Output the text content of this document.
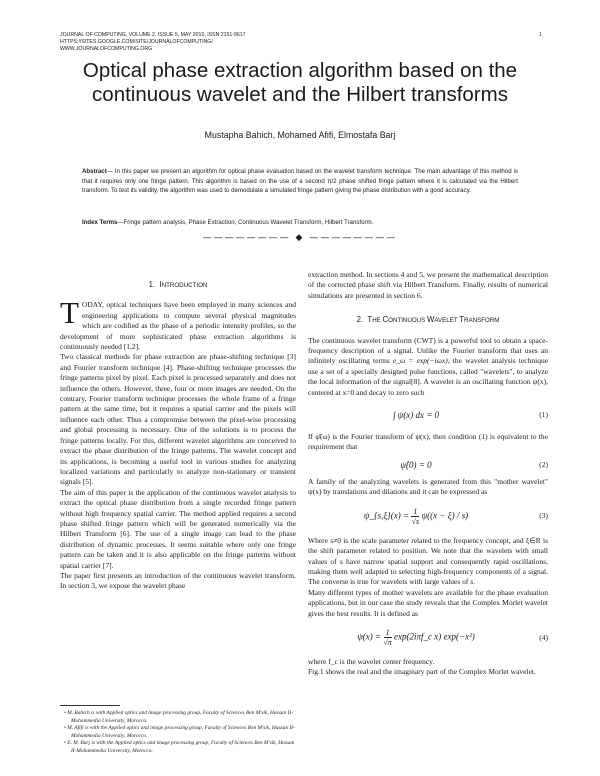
JOURNAL OF COMPUTING, VOLUME 2, ISSUE 5, MAY 2010, ISSN 2151-9617
HTTPS://SITES.GOOGLE.COM/SITE/JOURNALOFCOMPUTING/
WWW.JOURNALOFCOMPUTING.ORG
1
Optical phase extraction algorithm based on the continuous wavelet and the Hilbert transforms
Mustapha Bahich, Mohamed Afifi, Elmostafa Barj
Abstract— In this paper we present an algorithm for optical phase evaluation based on the wavelet transform technique. The main advantage of this method is that it requires only one fringe pattern. This algorithm is based on the use of a second π/2 phase shifted fringe pattern where it is calculated via the Hilbert transform. To test its validity, the algorithm was used to demodulate a simulated fringe pattern giving the phase distribution with a good accuracy.
Index Terms—Fringe pattern analysis, Phase Extraction, Continuous Wavelet Transform, Hilbert Transform.
———————— ◆ ————————
1. INTRODUCTION

TODAY, optical techniques have been employed in many sciences and engineering applications to compute several physical magnitudes which are codified as the phase of a periodic intensity profiles, so the development of more sophisticated phase extraction algorithms is continuously needed [1,2].

Two classical methods for phase extraction are phase-shifting technique [3] and Fourier transform technique [4]. Phase-shifting technique processes the fringe patterns pixel by pixel. Each pixel is processed separately and does not influence the others. However, three, four or more images are needed. On the contrary, Fourier transform technique processes the whole frame of a fringe pattern at the same time, but it requires a spatial carrier and the pixels will influence each other. Thus a compromise between the pixel-wise processing and global processing is necessary. One of the solutions is to process the fringe patterns locally. For this, different wavelet algorithms are conceived to extract the phase distribution of the fringe patterns. The wavelet concept and its applications, is becoming a useful tool in various studies for analyzing localized variations and particularly to analyze non-stationary or transient signals [5].

The aim of this paper is the application of the continuous wavelet analysis to extract the optical phase distribution from a single recorded fringe pattern without high frequency spatial carrier. The method applied requires a second phase shifted fringe pattern which will be generated numerically via the Hilbert Transform [6]. The use of a single image can lead to the phase distribution of dynamic processes. It seems suitable where only one fringe pattern can be taken and it is also applicable on the fringe patterns without spatial carrier [7].

The paper first presents an introduction of the continuous wavelet transform. In section 3, we expose the wavelet phase

• M. Bahich is with Applied optics and image processing group, Faculty of Sciences Ben M'sik, Hassan II-Mohammedia University, Morocco.
• M. Afifi is with the Applied optics and image processing group, Faculty of Sciences Ben M'sik, Hassan II-Mohammedia University, Morocco.
• E. M. Barj is with the Applied optics and image processing group, Faculty of Sciences Ben M'sik, Hassan II-Mohammedia University, Morocco.

extraction method. In sections 4 and 5, we present the mathematical description of the corrected phase shift via Hilbert Transform. Finally, results of numerical simulations are presented in section 6.

2. THE CONTINUOUS WAVELET TRANSFORM

The continuous wavelet transform (CWT) is a powerful tool to obtain a space-frequency description of a signal. Unlike the Fourier transform that uses an infinitely oscillating terms e_ω = exp(−iωx), the wavelet analysis technique use a set of a specially designed pulse functions, called "wavelets", to analyze the local information of the signal[8]. A wavelet is an oscillating function ψ(x), centered at x=0 and decay to zero such

∫ ψ(x) dx = 0	(1)

If ψ̂(ω) is the Fourier transform of ψ(x), then condition (1) is equivalent to the requirement that

ψ̂(0) = 0	(2)

A family of the analyzing wavelets is generated from this "mother wavelet" ψ(x) by translations and dilations and it can be expressed as

ψ_{s,ξ}(x) = $\frac{1}{√s} \psi((x - \xi) / s)$	(3)

Where s≠0 is the scale parameter related to the frequency concept, and ξ∈R is the shift parameter related to position. We note that the wavelets with small values of s have narrow spatial support and consequently rapid oscillations, making them well adapted to selecting high-frequency components of a signal. The converse is true for wavelets with large values of s.

Many different types of mother wavelets are available for the phase evaluation applications, but in our case the study reveals that the Complex Morlet wavelet gives the best results. It is defined as

$\psi(x) = \frac{1}{√\pi}$ exp(2iπf_c x) exp(−x²)	(4)

where f_c is the wavelet center frequency.

Fig.1 shows the real and the imaginary part of the Complex Morlet wavelet.
